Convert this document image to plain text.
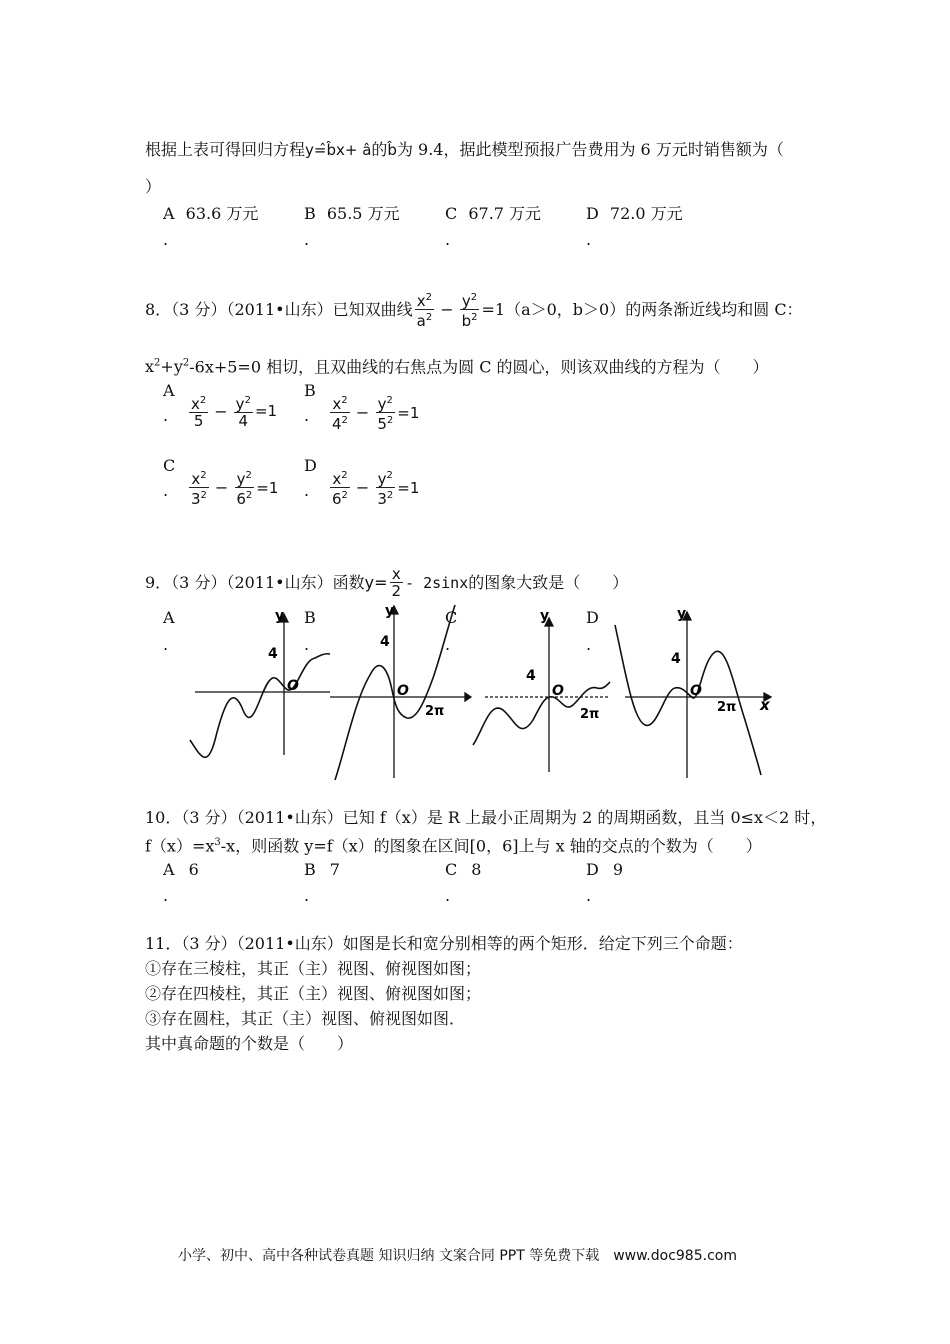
根据上表可得回归方程y=̂b̂x+ â的b̂为 9.4，据此模型预报广告费用为 6 万元时销售额为（
）
A 63.6 万元	B 65.5 万元	C 67.7 万元	D 72.0 万元
.	.	.	.
8．（3 分）（2011•山东）已知双曲线 $\frac{x^2}{a^2} - \frac{y^2}{b^2} =1(a>0$，b＞0）的两条渐近线均和圆 C：
$x^2+y^2-6x+5=0$ 相切，且双曲线的右焦点为圆 C 的圆心，则该双曲线的方程为（　　）
A
. $\frac{x^2}{5} - \frac{y^2}{4} =1$
B
. $\frac{x^2}{4^2} - \frac{y^2}{5^2} =1$
C
. $\frac{x^2}{3^2} - \frac{y^2}{6^2} =1$
D
. $\frac{x^2}{6^2} - \frac{y^2}{3^2} =1$
9．（3 分）（2011•山东）函数 $y= \frac{x}{2} - 2\sin x$ 的图象大致是（　　）
A
.
B
.
C
.
D
.
y
4
O
y
4
O
2π
y
4
O
2π
y
4
O
2π x
10．（3 分）（2011•山东）已知 f（x）是 R 上最小正周期为 2 的周期函数，且当 0≤x＜2 时，
$f(x)=x^3-x$，则函数 y=f（x）的图象在区间[0，6]上与 x 轴的交点的个数为（　　）
A 6	B 7	C 8	D 9
.	.	.	.
11．（3 分）（2011•山东）如图是长和宽分别相等的两个矩形．给定下列三个命题：
①存在三棱柱，其正（主）视图、俯视图如图；
②存在四棱柱，其正（主）视图、俯视图如图；
③存在圆柱，其正（主）视图、俯视图如图．
其中真命题的个数是（　　）
小学、初中、高中各种试卷真题 知识归纳 文案合同 PPT 等免费下载　www.doc985.com
